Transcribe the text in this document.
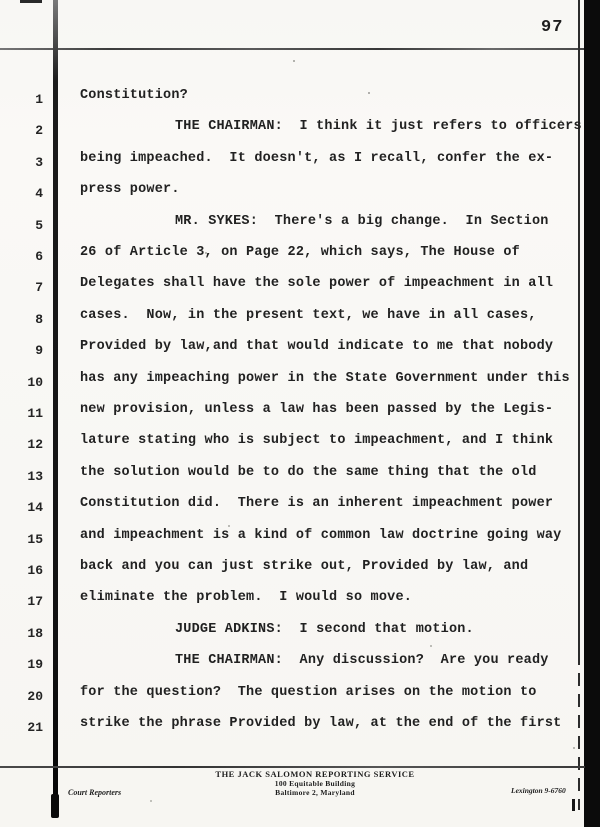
97
1	Constitution?
2	THE CHAIRMAN:  I think it just refers to officers
3	being impeached.  It doesn't, as I recall, confer the ex-
4	press power.
5	MR. SYKES:  There's a big change.  In Section
6	26 of Article 3, on Page 22, which says, The House of
7	Delegates shall have the sole power of impeachment in all
8	cases.  Now, in the present text, we have in all cases,
9	Provided by law,and that would indicate to me that nobody
10	has any impeaching power in the State Government under this
11	new provision, unless a law has been passed by the Legis-
12	lature stating who is subject to impeachment, and I think
13	the solution would be to do the same thing that the old
14	Constitution did.  There is an inherent impeachment power
15	and impeachment is a kind of common law doctrine going way
16	back and you can just strike out, Provided by law, and
17	eliminate the problem.  I would so move.
18	JUDGE ADKINS:  I second that motion.
19	THE CHAIRMAN:  Any discussion?  Are you ready
20	for the question?  The question arises on the motion to
21	strike the phrase Provided by law, at the end of the first
Court Reporters
THE JACK SALOMON REPORTING SERVICE
100 Equitable Building
Baltimore 2, Maryland	Lexington 9-6760
